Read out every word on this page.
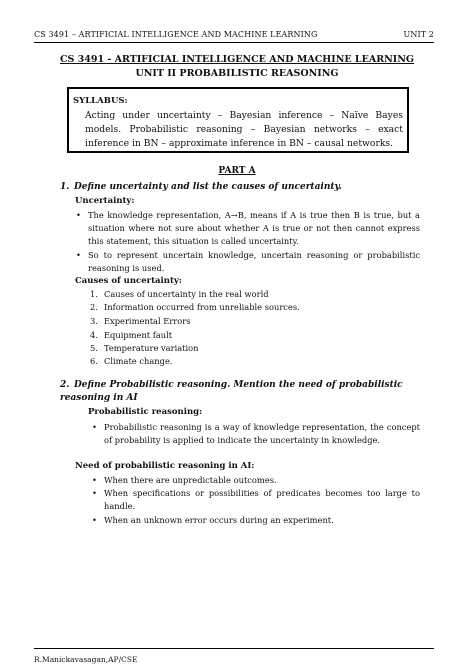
CS 3491 – ARTIFICIAL INTELLIGENCE AND MACHINE LEARNING	UNIT 2
CS 3491 - ARTIFICIAL INTELLIGENCE AND MACHINE LEARNING
UNIT II PROBABILISTIC REASONING
SYLLABUS:
Acting under uncertainty – Bayesian inference – Naïve Bayes models. Probabilistic reasoning – Bayesian networks – exact inference in BN – approximate inference in BN – causal networks.
PART A
1. Define uncertainty and list the causes of uncertainty.
Uncertainty:
• The knowledge representation, A→B, means if A is true then B is true, but a situation where not sure about whether A is true or not then cannot express this statement, this situation is called uncertainty.
• So to represent uncertain knowledge, uncertain reasoning or probabilistic reasoning is used.
Causes of uncertainty:
1. Causes of uncertainty in the real world
2. Information occurred from unreliable sources.
3. Experimental Errors
4. Equipment fault
5. Temperature variation
6. Climate change.
2. Define Probabilistic reasoning. Mention the need of probabilistic
reasoning in AI
Probabilistic reasoning:
• Probabilistic reasoning is a way of knowledge representation, the concept of probability is applied to indicate the uncertainty in knowledge.
Need of probabilistic reasoning in AI:
• When there are unpredictable outcomes.
• When specifications or possibilities of predicates becomes too large to handle.
• When an unknown error occurs during an experiment.
R.Manickavasagan,AP/CSE
